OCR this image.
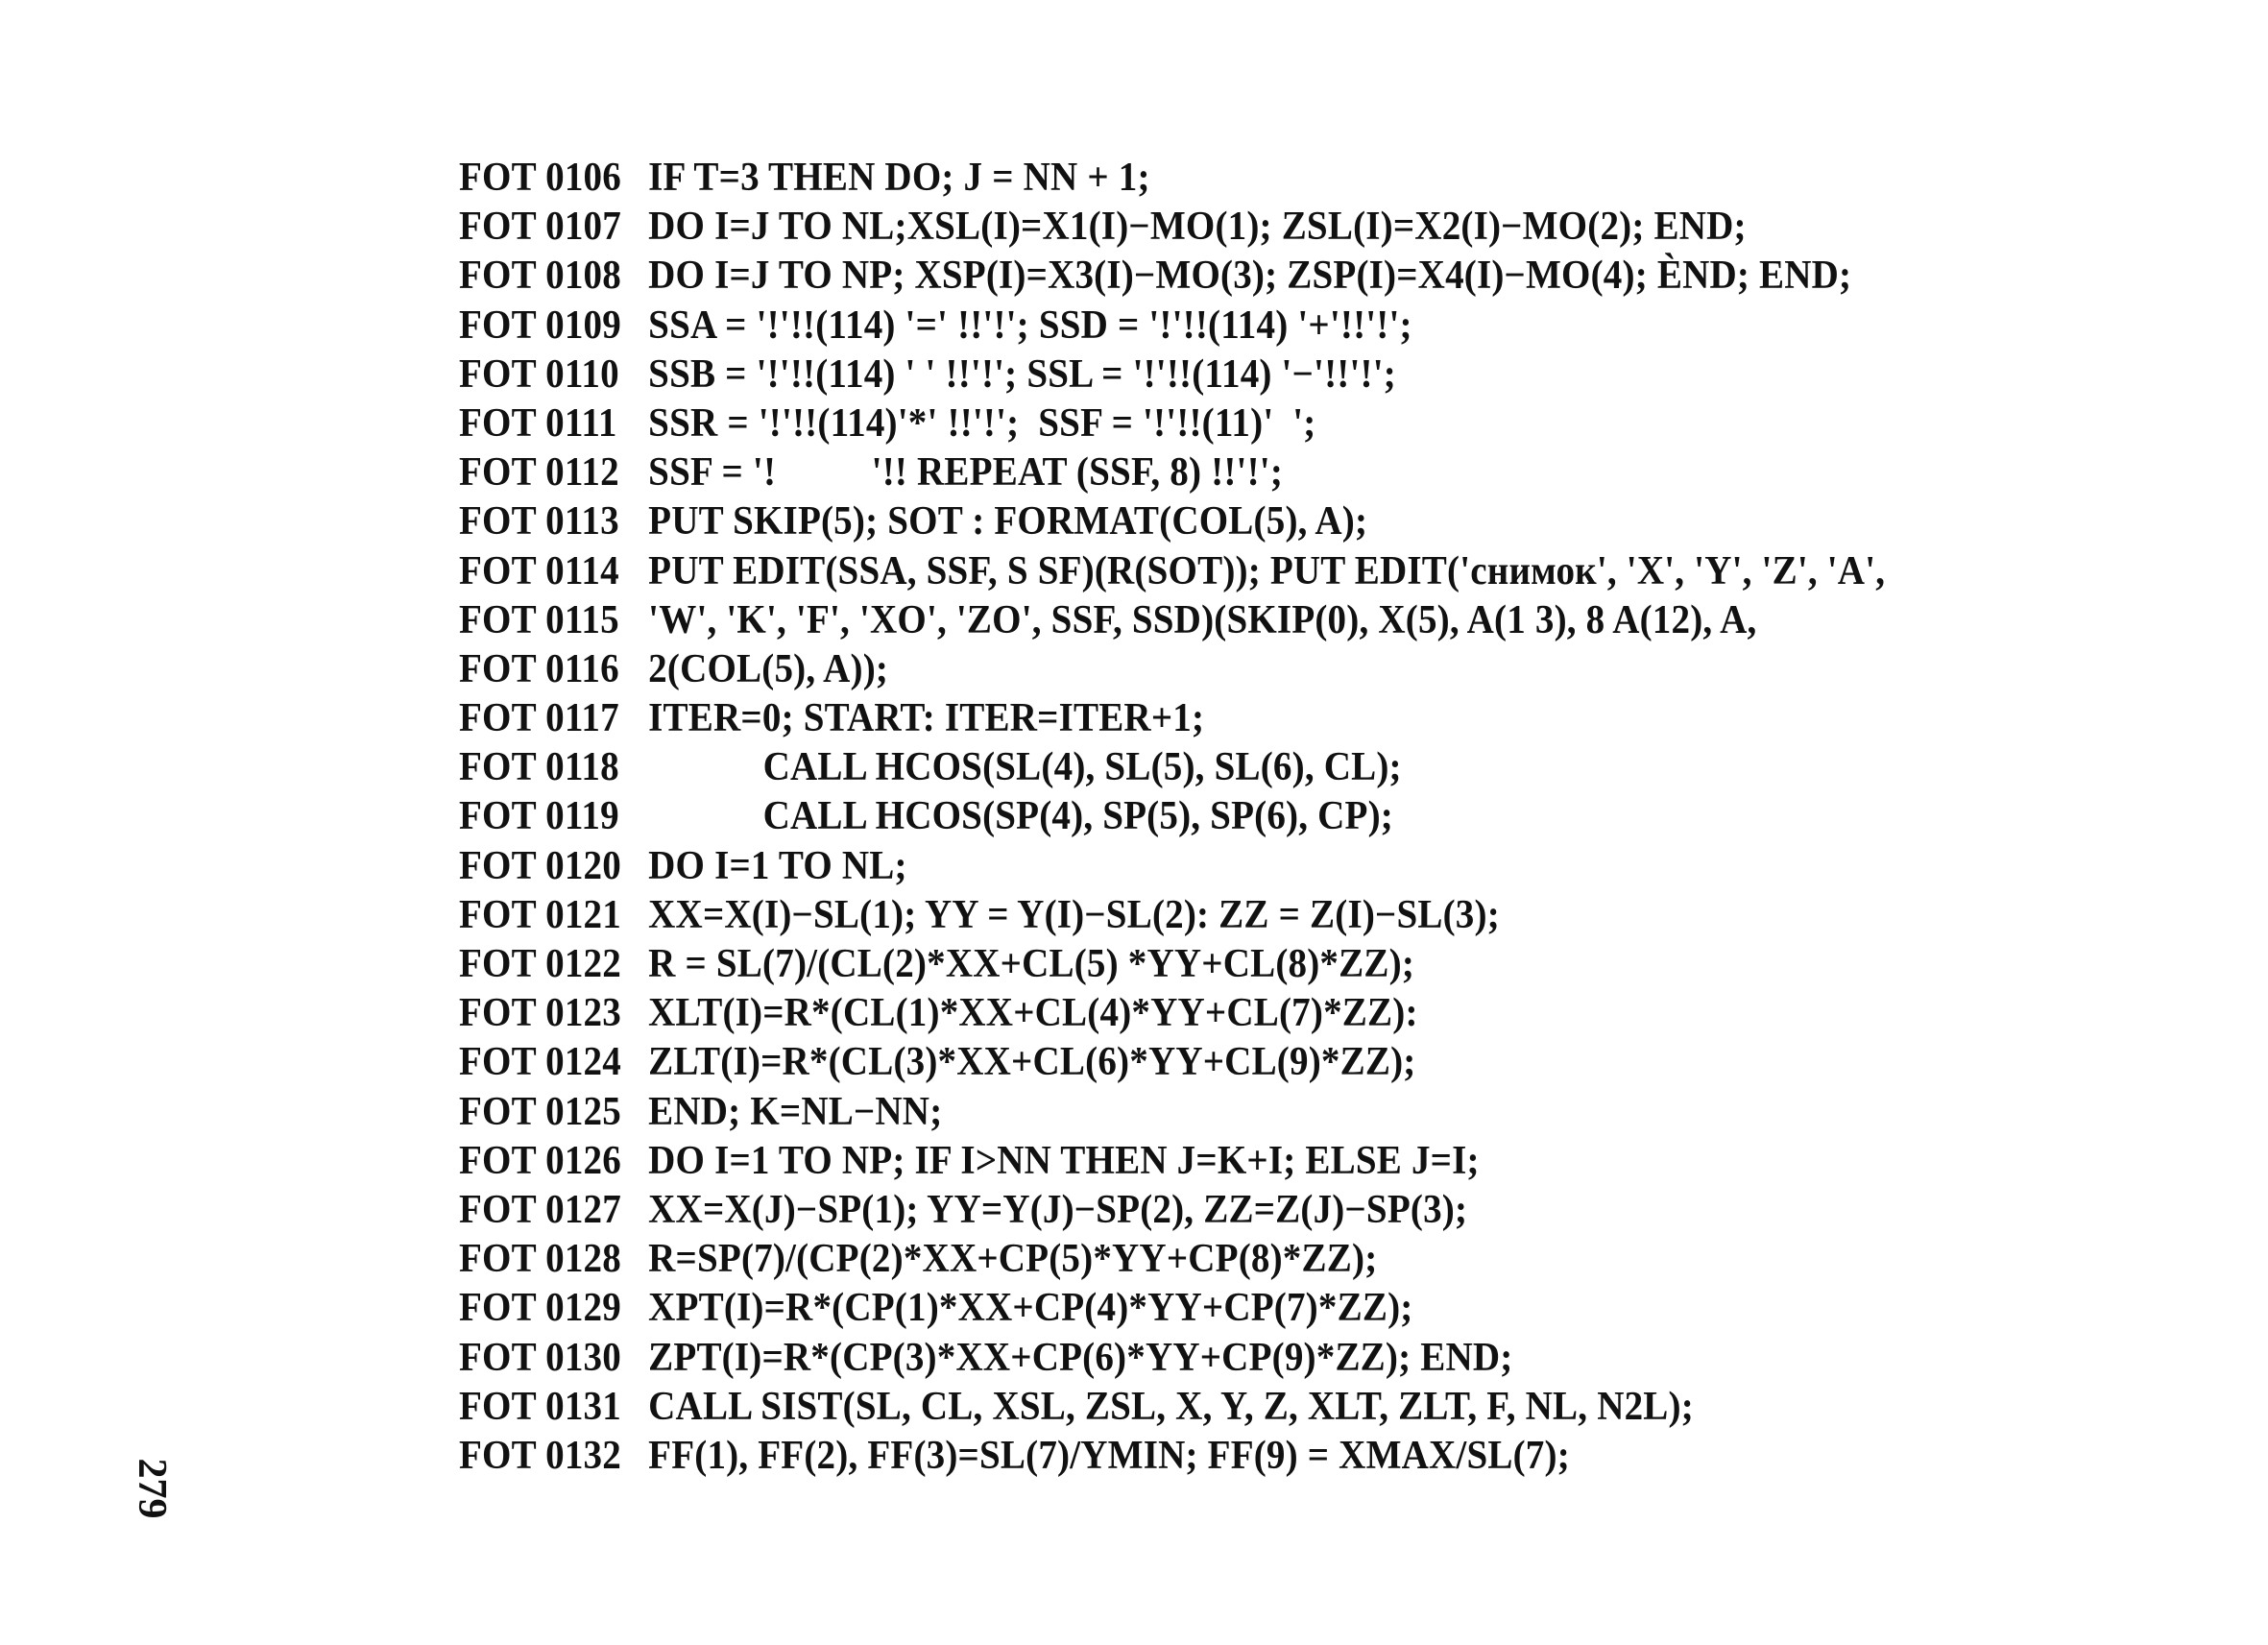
FOT 0106 IF T=3 THEN DO; J = NN + 1;
FOT 0107 DO I=J TO NL;XSL(I)=X1(I)−MO(1); ZSL(I)=X2(I)−MO(2); END;
FOT 0108 DO I=J TO NP; XSP(I)=X3(I)−MO(3); ZSP(I)=X4(I)−MO(4); ÈND; END;
FOT 0109 SSA = '!'!!(114) '=' !!'!'; SSD = '!'!!(114) '+'!!'!';
FOT 0110 SSB = '!'!!(114) ' ' !!'!'; SSL = '!'!!(114) '−'!!'!';
FOT 0111 SSR = '!'!!(114)'*' !!'!';  SSF = '!'!!(11)'  ';
FOT 0112 SSF = '!          '!! REPEAT (SSF, 8) !!'!';
FOT 0113 PUT SKIP(5); SOT : FORMAT(COL(5), A);
FOT 0114 PUT EDIT(SSA, SSF, S SF)(R(SOT)); PUT EDIT('снимок', 'X', 'Y', 'Z', 'A',
FOT 0115 'W', 'K', 'F', 'XO', 'ZO', SSF, SSD)(SKIP(0), X(5), A(1 3), 8 A(12), A,
FOT 0116 2(COL(5), A));
FOT 0117 ITER=0; START: ITER=ITER+1;
FOT 0118            CALL HCOS(SL(4), SL(5), SL(6), CL);
FOT 0119            CALL HCOS(SP(4), SP(5), SP(6), CP);
FOT 0120 DO I=1 TO NL;
FOT 0121 XX=X(I)−SL(1); YY = Y(I)−SL(2): ZZ = Z(I)−SL(3);
FOT 0122 R = SL(7)/(CL(2)*XX+CL(5) *YY+CL(8)*ZZ);
FOT 0123 XLT(I)=R*(CL(1)*XX+CL(4)*YY+CL(7)*ZZ):
FOT 0124 ZLT(I)=R*(CL(3)*XX+CL(6)*YY+CL(9)*ZZ);
FOT 0125 END; K=NL−NN;
FOT 0126 DO I=1 TO NP; IF I>NN THEN J=K+I; ELSE J=I;
FOT 0127 XX=X(J)−SP(1); YY=Y(J)−SP(2), ZZ=Z(J)−SP(3);
FOT 0128 R=SP(7)/(CP(2)*XX+CP(5)*YY+CP(8)*ZZ);
FOT 0129 XPT(I)=R*(CP(1)*XX+CP(4)*YY+CP(7)*ZZ);
FOT 0130 ZPT(I)=R*(CP(3)*XX+CP(6)*YY+CP(9)*ZZ); END;
FOT 0131 CALL SIST(SL, CL, XSL, ZSL, X, Y, Z, XLT, ZLT, F, NL, N2L);
FOT 0132 FF(1), FF(2), FF(3)=SL(7)/YMIN; FF(9) = XMAX/SL(7);
279
